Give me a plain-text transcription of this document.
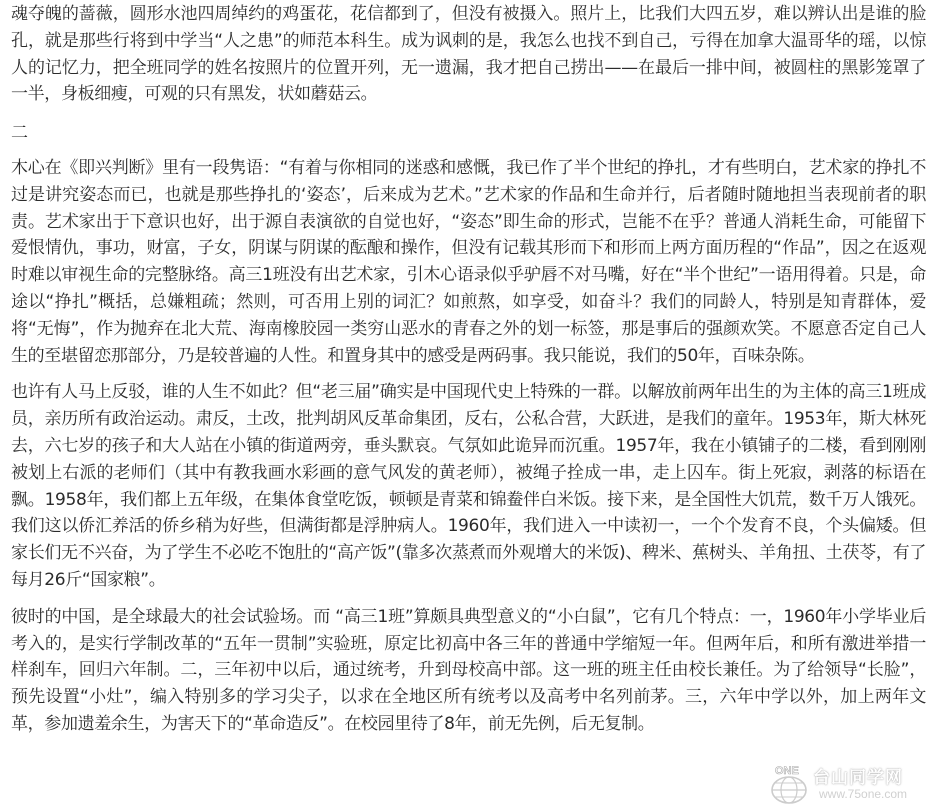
魂夺魄的蔷薇，圆形水池四周绰约的鸡蛋花，花信都到了，但没有被摄入。照片上，比我们大四五岁，难以辨认出是谁的脸孔，就是那些行将到中学当“人之患”的师范本科生。成为讽刺的是，我怎么也找不到自己，亏得在加拿大温哥华的瑶，以惊人的记忆力，把全班同学的姓名按照片的位置开列，无一遗漏，我才把自己捞出——在最后一排中间，被圆柱的黑影笼罩了一半，身板细瘦，可观的只有黑发，状如蘑菇云。

二

木心在《即兴判断》里有一段隽语：“有着与你相同的迷惑和感慨，我已作了半个世纪的挣扎，才有些明白，艺术家的挣扎不过是讲究姿态而已，也就是那些挣扎的‘姿态’，后来成为艺术。”艺术家的作品和生命并行，后者随时随地担当表现前者的职责。艺术家出于下意识也好，出于源自表演欲的自觉也好，“姿态”即生命的形式，岂能不在乎？普通人消耗生命，可能留下爱恨情仇，事功，财富，子女，阴谋与阴谋的酝酿和操作，但没有记载其形而下和形而上两方面历程的“作品”，因之在返观时难以审视生命的完整脉络。高三1班没有出艺术家，引木心语录似乎驴唇不对马嘴，好在“半个世纪”一语用得着。只是，命途以“挣扎”概括，总嫌粗疏；然则，可否用上别的词汇？如煎熬，如享受，如奋斗？我们的同龄人，特别是知青群体，爱将“无悔”，作为抛弃在北大荒、海南橡胶园一类穷山恶水的青春之外的划一标签，那是事后的强颜欢笑。不愿意否定自己人生的至堪留恋那部分，乃是较普遍的人性。和置身其中的感受是两码事。我只能说，我们的50年，百味杂陈。

也许有人马上反驳，谁的人生不如此？但“老三届”确实是中国现代史上特殊的一群。以解放前两年出生的为主体的高三1班成员，亲历所有政治运动。肃反，土改，批判胡风反革命集团，反右，公私合营，大跃进，是我们的童年。1953年，斯大林死去，六七岁的孩子和大人站在小镇的街道两旁，垂头默哀。气氛如此诡异而沉重。1957年，我在小镇铺子的二楼，看到刚刚被划上右派的老师们（其中有教我画水彩画的意气风发的黄老师），被绳子拴成一串，走上囚车。街上死寂，剥落的标语在飘。1958年，我们都上五年级，在集体食堂吃饭，顿顿是青菜和锦鲞伴白米饭。接下来，是全国性大饥荒，数千万人饿死。我们这以侨汇养活的侨乡稍为好些，但满街都是浮肿病人。1960年，我们进入一中读初一，一个个发育不良，个头偏矮。但家长们无不兴奋，为了学生不必吃不饱肚的“高产饭”(靠多次蒸煮而外观增大的米饭)、稗米、蕉树头、羊角扭、土茯苓，有了每月26斤“国家粮”。

彼时的中国，是全球最大的社会试验场。而 “高三1班”算颇具典型意义的“小白鼠”，它有几个特点：一，1960年小学毕业后考入的，是实行学制改革的“五年一贯制”实验班，原定比初高中各三年的普通中学缩短一年。但两年后，和所有激进举措一样刹车，回归六年制。二，三年初中以后，通过统考，升到母校高中部。这一班的班主任由校长兼任。为了给领导“长脸”，预先设置“小灶”，编入特别多的学习尖子，以求在全地区所有统考以及高考中名列前茅。三，六年中学以外，加上两年文革，参加遗羞余生，为害天下的“革命造反”。在校园里待了8年，前无先例，后无复制。

ONE 台山同学网
www.75one.com
